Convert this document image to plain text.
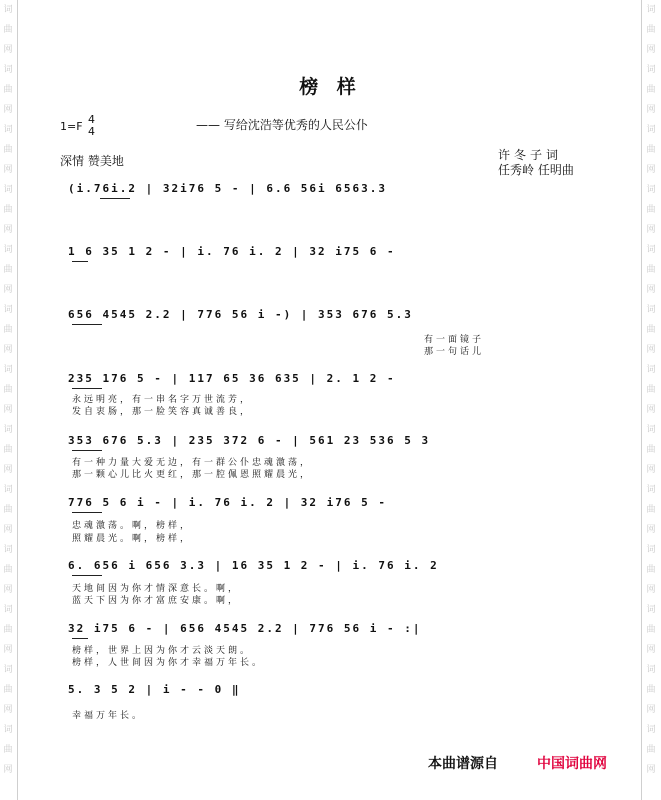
词曲网
词曲网
词曲网
词曲网
词曲网
词曲网
词曲网
词曲网
词曲网
词曲网
词曲网
词曲网
词曲网
词曲网
词曲网
词曲网
词曲网
词曲网
词曲网
词曲网
词曲网
词曲网
词曲网
词曲网
词曲网
词曲网
榜 样
1=F
4
4	—— 写给沈浩等优秀的人民公仆
许冬子词
任秀岭 任明曲
深情 赞美地
(i.76i.2 | 32i76 5 - | 6.6 56i 6563.3
1 6 35 1 2 - | i. 76 i. 2 | 32 i75 6 -
656 4545 2.2 | 776 56 i -) | 353 676 5.3
有一面镜子
那一句话儿
235 176 5 - | 117 65 36 635 | 2. 1 2 -
永远明亮，有一串名字万世流芳，
发自衷肠，那一脸笑容真诚善良，
353 676 5.3 | 235 372 6 - | 561 23 536 5 3
有一种力量大爱无边，有一群公仆忠魂激荡，
那一颗心儿比火更红，那一腔佩恩照耀晨光，
776 5 6 i - | i. 76 i. 2 | 32 i76 5 -
忠魂激荡。啊，榜样，
照耀晨光。啊，榜样，
6. 656 i 656 3.3 | 16 35 1 2 - | i. 76 i. 2
天地间因为你才情深意长。啊，
蓝天下因为你才富庶安康。啊，
32 i75 6 - | 656 4545 2.2 | 776 56 i - :|
榜样，世界上因为你才云淡天朗。
榜样，人世间因为你才幸福万年长。
5. 3 5 2 | i - - 0 ‖
幸福万年长。
本曲谱源自	中国词曲网
